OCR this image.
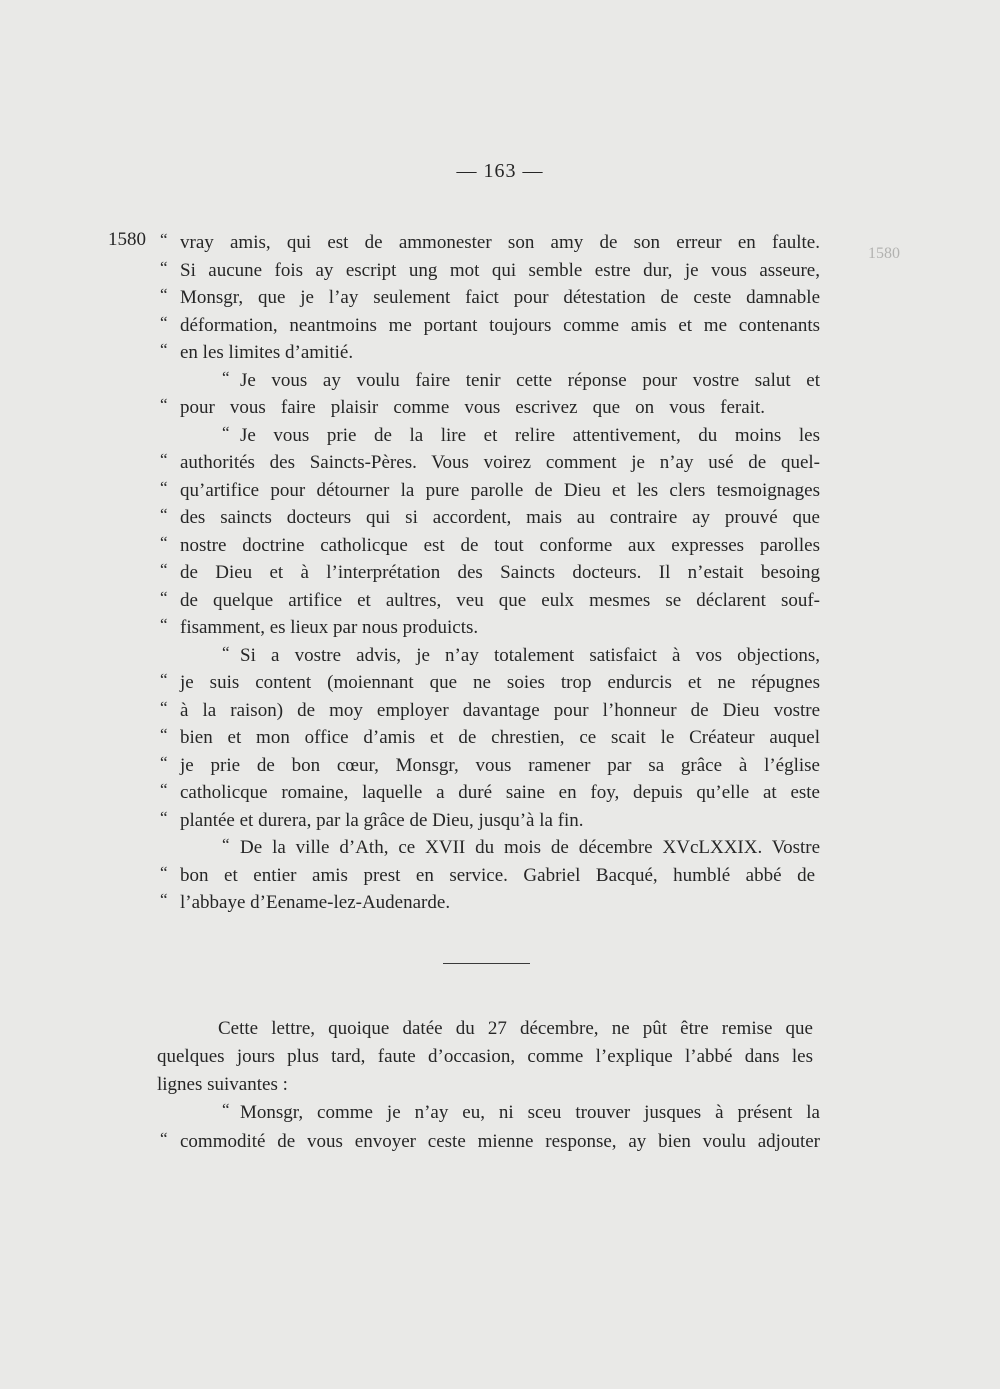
— 163 —
1580
1580
“ vray amis, qui est de ammonester son amy de son erreur en faulte.
“ Si aucune fois ay escript ung mot qui semble estre dur, je vous asseure,
“ Monsgr, que je l’ay seulement faict pour détestation de ceste damnable
“ déformation, neantmoins me portant toujours comme amis et me contenants
“ en les limites d’amitié.
“ Je vous ay voulu faire tenir cette réponse pour vostre salut et
“ pour vous faire plaisir comme vous escrivez que on vous ferait.
“ Je vous prie de la lire et relire attentivement, du moins les
“ authorités des Saincts-Pères. Vous voirez comment je n’ay usé de quel-
“ qu’artifice pour détourner la pure parolle de Dieu et les clers tesmoignages
“ des saincts docteurs qui si accordent, mais au contraire ay prouvé que
“ nostre doctrine catholicque est de tout conforme aux expresses parolles
“ de Dieu et à l’interprétation des Saincts docteurs. Il n’estait besoing
“ de quelque artifice et aultres, veu que eulx mesmes se déclarent souf-
“ fisamment, es lieux par nous produicts.
“ Si a vostre advis, je n’ay totalement satisfaict à vos objections,
“ je suis content (moiennant que ne soies trop endurcis et ne répugnes
“ à la raison) de moy employer davantage pour l’honneur de Dieu vostre
“ bien et mon office d’amis et de chrestien, ce scait le Créateur auquel
“ je prie de bon cœur, Monsgr, vous ramener par sa grâce à l’église
“ catholicque romaine, laquelle a duré saine en foy, depuis qu’elle at este
“ plantée et durera, par la grâce de Dieu, jusqu’à la fin.
“ De la ville d’Ath, ce XVII du mois de décembre XVcLXXIX. Vostre
“ bon et entier amis prest en service. Gabriel Bacqué, humblé abbé de
“ l’abbaye d’Eename-lez-Audenarde.
Cette lettre, quoique datée du 27 décembre, ne pût être remise que
quelques jours plus tard, faute d’occasion, comme l’explique l’abbé dans les
lignes suivantes :
“ Monsgr, comme je n’ay eu, ni sceu trouver jusques à présent la
“ commodité de vous envoyer ceste mienne response, ay bien voulu adjouter
